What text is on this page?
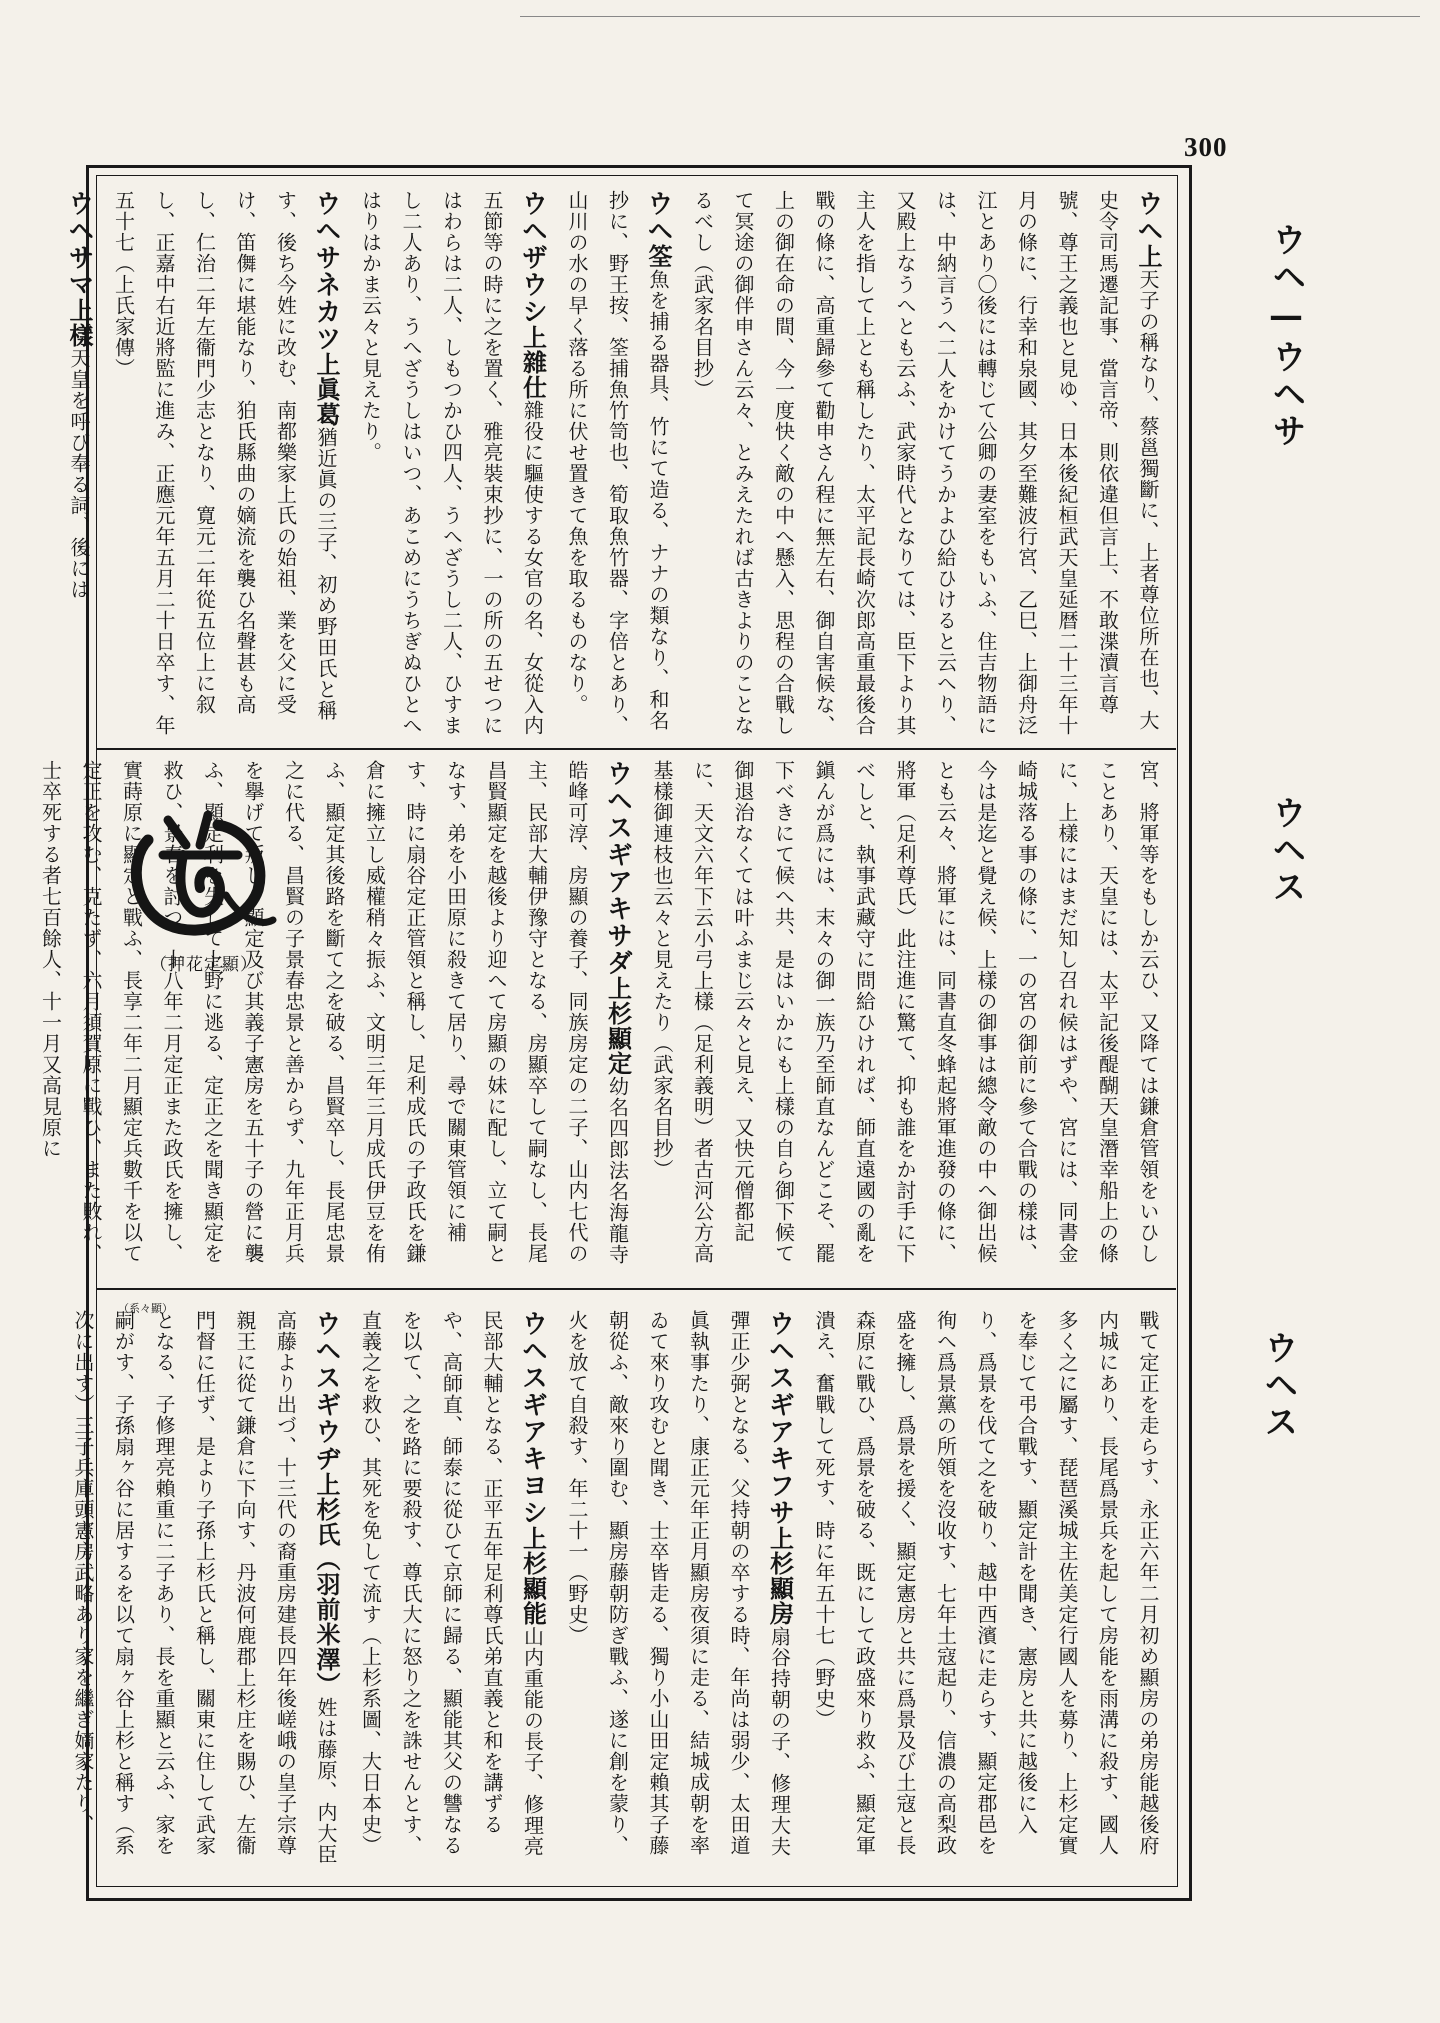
300
ウヘ—ウヘサ
ウヘス
ウヘス

ウヘ上天子の稱なり、蔡邕獨斷に、上者尊位所在也、大史令司馬遷記事、當言帝、則依違但言上、不敢渫瀆言尊號、尊王之義也と見ゆ、日本後紀桓武天皇延暦二十三年十月の條に、行幸和泉國、其夕至難波行宮、乙巳、上御舟泛江とあり〇後には轉じて公卿の妻室をもいふ、住吉物語には、中納言うへ二人をかけてうかよひ給ひけると云へり、又殿上なうへとも云ふ、武家時代となりては、臣下より其主人を指して上とも稱したり、太平記長崎次郎高重最後合戰の條に、高重歸參て勸申さん程に無左右、御自害候な、上の御在命の間、今一度快く敵の中へ懸入、思程の合戰して冥途の御伴申さん云々、とみえたれば古きよりのことなるべし（武家名目抄）

ウヘ筌魚を捕る器具、竹にて造る、ナナの類なり、和名抄に、野王按、筌捕魚竹笥也、筍取魚竹器、字倍とあり、山川の水の早く落る所に伏せ置きて魚を取るものなり。

ウヘザウシ上雜仕雜役に驅使する女官の名、女從入内五節等の時に之を置く、雅亮裝束抄に、一の所の五せつにはわらは二人、しもつかひ四人、うへざうし二人、ひすまし二人あり、うへざうしはいつ、あこめにうちぎぬひとへはりはかま云々と見えたり。

ウヘサネカツ上眞葛猶近眞の三子、初め野田氏と稱す、後ち今姓に改む、南都樂家上氏の始祖、業を父に受け、笛儛に堪能なり、狛氏縣曲の嫡流を襲ひ名聲甚も高し、仁治二年左衞門少志となり、寛元二年從五位上に叙し、正嘉中右近將監に進み、正應元年五月二十日卒す、年五十七（上氏家傳）

ウヘサマ上樣天皇を呼び奉る詞、後には

宮、將軍等をもしか云ひ、又降ては鎌倉管領をいひしことあり、天皇には、太平記後醍醐天皇潛幸船上の條に、上樣にはまだ知し召れ候はずや、宮には、同書金崎城落る事の條に、一の宮の御前に參て合戰の樣は、今は是迄と覺え候、上樣の御事は總令敵の中へ御出候とも云々、將軍には、同書直冬蜂起將軍進發の條に、將軍（足利尊氏）此注進に驚て、抑も誰をか討手に下べしと、執事武藏守に問給ひければ、師直遠國の亂を鎭んが爲には、末々の御一族乃至師直なんどこそ、罷下べきにて候へ共、是はいかにも上樣の自ら御下候て御退治なくては叶ふまじ云々と見え、又快元僧都記に、天文六年下云小弓上樣（足利義明）者古河公方高基樣御連枝也云々と見えたり（武家名目抄）

ウヘスギアキサダ上杉顯定幼名四郎法名海龍寺皓峰可淳、房顯の養子、同族房定の二子、山内七代の主、民部大輔伊豫守となる、房顯卒して嗣なし、長尾昌賢顯定を越後より迎へて房顯の妹に配し、立て嗣となす、弟を小田原に殺きて居り、尋で關東管領に補す、時に扇谷定正管領と稱し、足利成氏の子政氏を鎌倉に擁立し威權稍々振ふ、文明三年三月成氏伊豆を侑ふ、顯定其後路を斷て之を破る、昌賢卒し、長尾忠景之に代る、昌賢の子景春忠景と善からず、九年正月兵を擧げて叛し、顯定及び其義子憲房を五十子の營に襲ふ、顯定利を失して上野に逃る、定正之を聞き顯定を救ひ、景春を討つ、十八年二月定正また政氏を擁し、實蒔原に顯定と戰ふ、長享二年二月顯定兵數千を以て定正を攻む、克たず、六月須賀原に戰ひ、また敗れ、士卒死する者七百餘人、十一月又高見原に	（押花定顯）
（系々顯）

戰て定正を走らす、永正六年二月初め顯房の弟房能越後府内城にあり、長尾爲景兵を起して房能を雨溝に殺す、國人多く之に屬す、琵琶溪城主佐美定行國人を募り、上杉定實を奉じて弔合戰す、顯定計を聞き、憲房と共に越後に入り、爲景を伐て之を破り、越中西濱に走らす、顯定郡邑を徇へ爲景黨の所領を沒收す、七年土寇起り、信濃の高梨政盛を擁し、爲景を援く、顯定憲房と共に爲景及び土寇と長森原に戰ひ、爲景を破る、既にして政盛來り救ふ、顯定軍潰え、奮戰して死す、時に年五十七（野史）

ウヘスギアキフサ上杉顯房扇谷持朝の子、修理大夫彈正少弼となる、父持朝の卒する時、年尚は弱少、太田道眞執事たり、康正元年正月顯房夜須に走る、結城成朝を率ゐて來り攻むと聞き、士卒皆走る、獨り小山田定賴其子藤朝從ふ、敵來り圍む、顯房藤朝防ぎ戰ふ、遂に創を蒙り、火を放て自殺す、年二十一（野史）

ウヘスギアキヨシ上杉顯能山内重能の長子、修理亮民部大輔となる、正平五年足利尊氏弟直義と和を講ずるや、高師直、師泰に從ひて京師に歸る、顯能其父の讐なるを以て、之を路に要殺す、尊氏大に怒り之を誅せんとす、直義之を救ひ、其死を免して流す（上杉系圖、大日本史）

ウヘスギウヂ上杉氏（羽前米澤）姓は藤原、内大臣高藤より出づ、十三代の裔重房建長四年後嵯峨の皇子宗尊親王に從て鎌倉に下向す、丹波何鹿郡上杉庄を賜ひ、左衞門督に任ず、是より子孫上杉氏と稱し、關東に住して武家となる、子修理亮賴重に二子あり、長を重顯と云ふ、家を嗣がす、子孫扇ヶ谷に居するを以て扇ヶ谷上杉と稱す（系次に出す）三子兵庫頭憲房武略あり家を繼ぎ嫡家たり、
